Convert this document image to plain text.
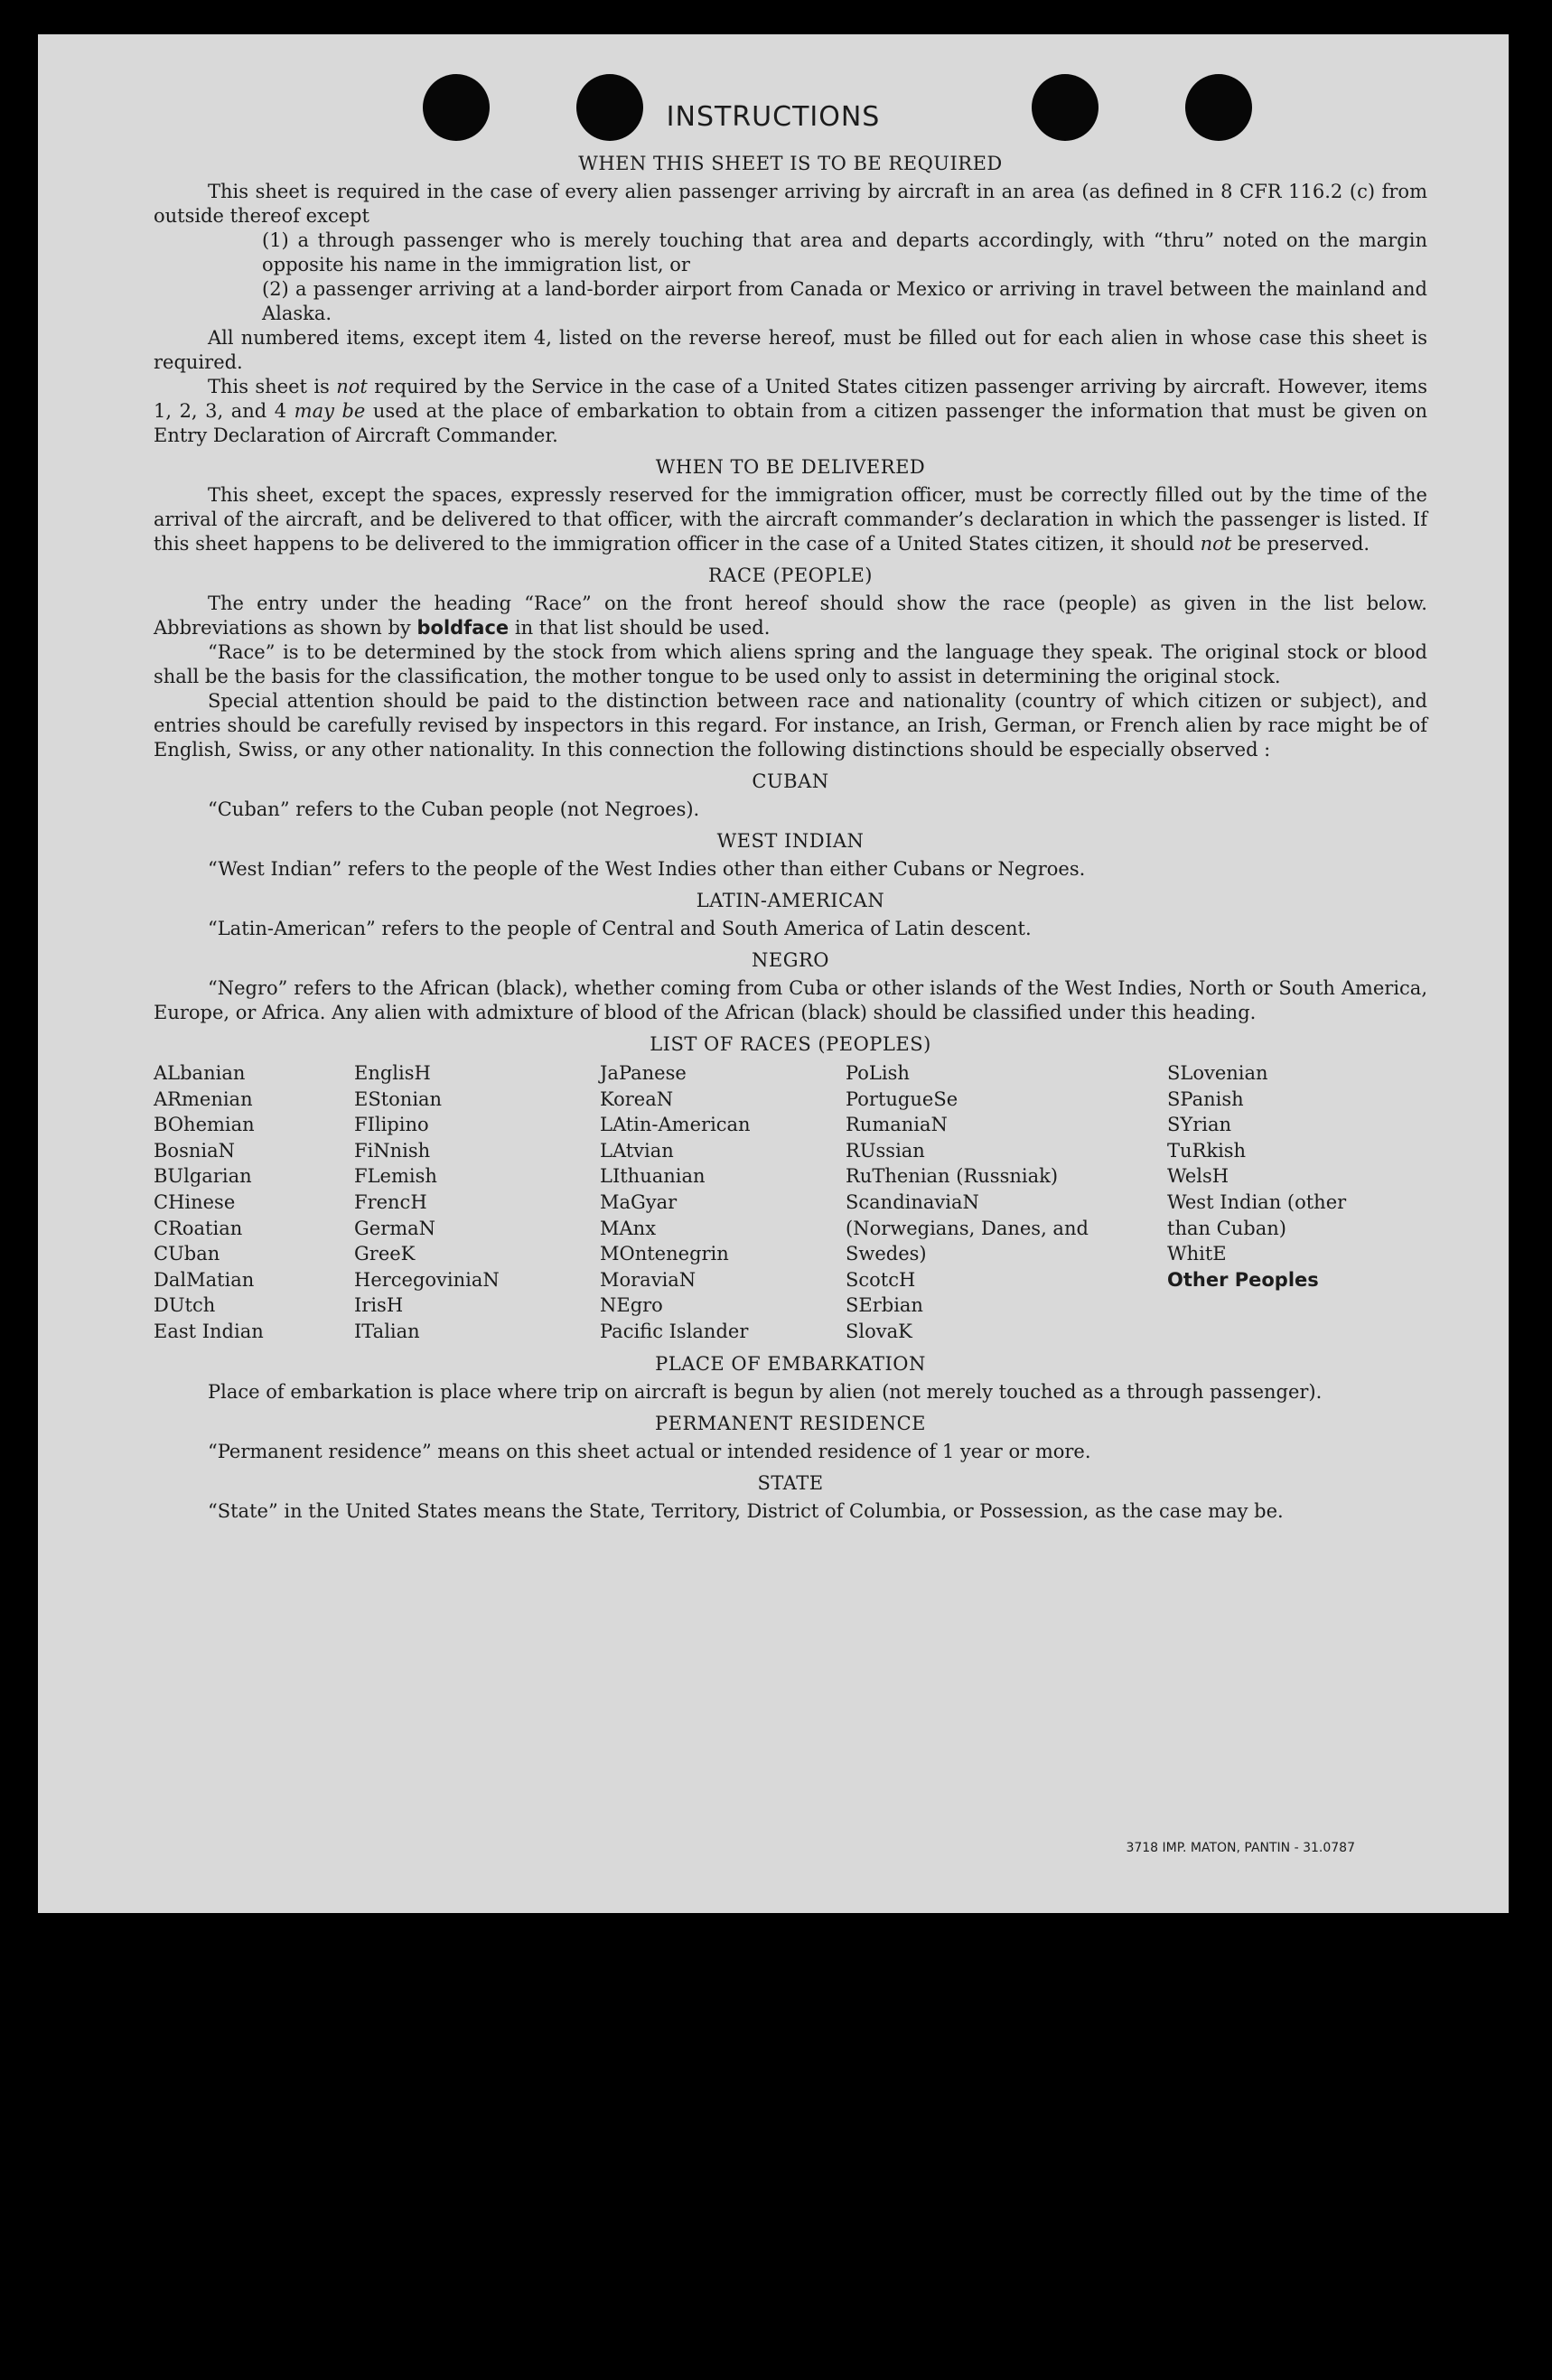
INSTRUCTIONS
WHEN THIS SHEET IS TO BE REQUIRED

This sheet is required in the case of every alien passenger arriving by aircraft in an area (as defined in 8 CFR 116.2 (c) from outside thereof except

(1) a through passenger who is merely touching that area and departs accordingly, with “thru” noted on the margin opposite his name in the immigration list, or

(2) a passenger arriving at a land-border airport from Canada or Mexico or arriving in travel between the mainland and Alaska.

All numbered items, except item 4, listed on the reverse hereof, must be filled out for each alien in whose case this sheet is required.

This sheet is not required by the Service in the case of a United States citizen passenger arriving by aircraft. However, items 1, 2, 3, and 4 may be used at the place of embarkation to obtain from a citizen passenger the information that must be given on Entry Declaration of Aircraft Commander.

WHEN TO BE DELIVERED

This sheet, except the spaces, expressly reserved for the immigration officer, must be correctly filled out by the time of the arrival of the aircraft, and be delivered to that officer, with the aircraft commander’s declaration in which the passenger is listed. If this sheet happens to be delivered to the immigration officer in the case of a United States citizen, it should not be preserved.

RACE (PEOPLE)

The entry under the heading “Race” on the front hereof should show the race (people) as given in the list below. Abbreviations as shown by boldface in that list should be used.

“Race” is to be determined by the stock from which aliens spring and the language they speak. The original stock or blood shall be the basis for the classification, the mother tongue to be used only to assist in determining the original stock.

Special attention should be paid to the distinction between race and nationality (country of which citizen or subject), and entries should be carefully revised by inspectors in this regard. For instance, an Irish, German, or French alien by race might be of English, Swiss, or any other nationality. In this connection the following distinctions should be especially observed :

CUBAN

“Cuban” refers to the Cuban people (not Negroes).

WEST INDIAN

“West Indian” refers to the people of the West Indies other than either Cubans or Negroes.

LATIN-AMERICAN

“Latin-American” refers to the people of Central and South America of Latin descent.

NEGRO

“Negro” refers to the African (black), whether coming from Cuba or other islands of the West Indies, North or South America, Europe, or Africa. Any alien with admixture of blood of the African (black) should be classified under this heading.

LIST OF RACES (PEOPLES)
ALbanian
ARmenian
BOhemian
BosniaN
BUlgarian
CHinese
CRoatian
CUban
DalMatian
DUtch
East Indian
EnglisH
EStonian
FIlipino
FiNnish
FLemish
FrencH
GermaN
GreeK
HercegoviniaN
IrisH
ITalian
JaPanese
KoreaN
LAtin-American
LAtvian
LIthuanian
MaGyar
MAnx
MOntenegrin
MoraviaN
NEgro
Pacific Islander
PoLish
PortugueSe
RumaniaN
RUssian
RuThenian (Russniak)
ScandinaviaN (Norwegians, Danes, and Swedes)
ScotcH
SErbian
SlovaK
SLovenian
SPanish
SYrian
TuRkish
WelsH
West Indian (other than Cuban)
WhitE
Other Peoples
PLACE OF EMBARKATION

Place of embarkation is place where trip on aircraft is begun by alien (not merely touched as a through passenger).

PERMANENT RESIDENCE

“Permanent residence” means on this sheet actual or intended residence of 1 year or more.

STATE

“State” in the United States means the State, Territory, District of Columbia, or Possession, as the case may be.

3718 IMP. MATON, PANTIN - 31.0787
